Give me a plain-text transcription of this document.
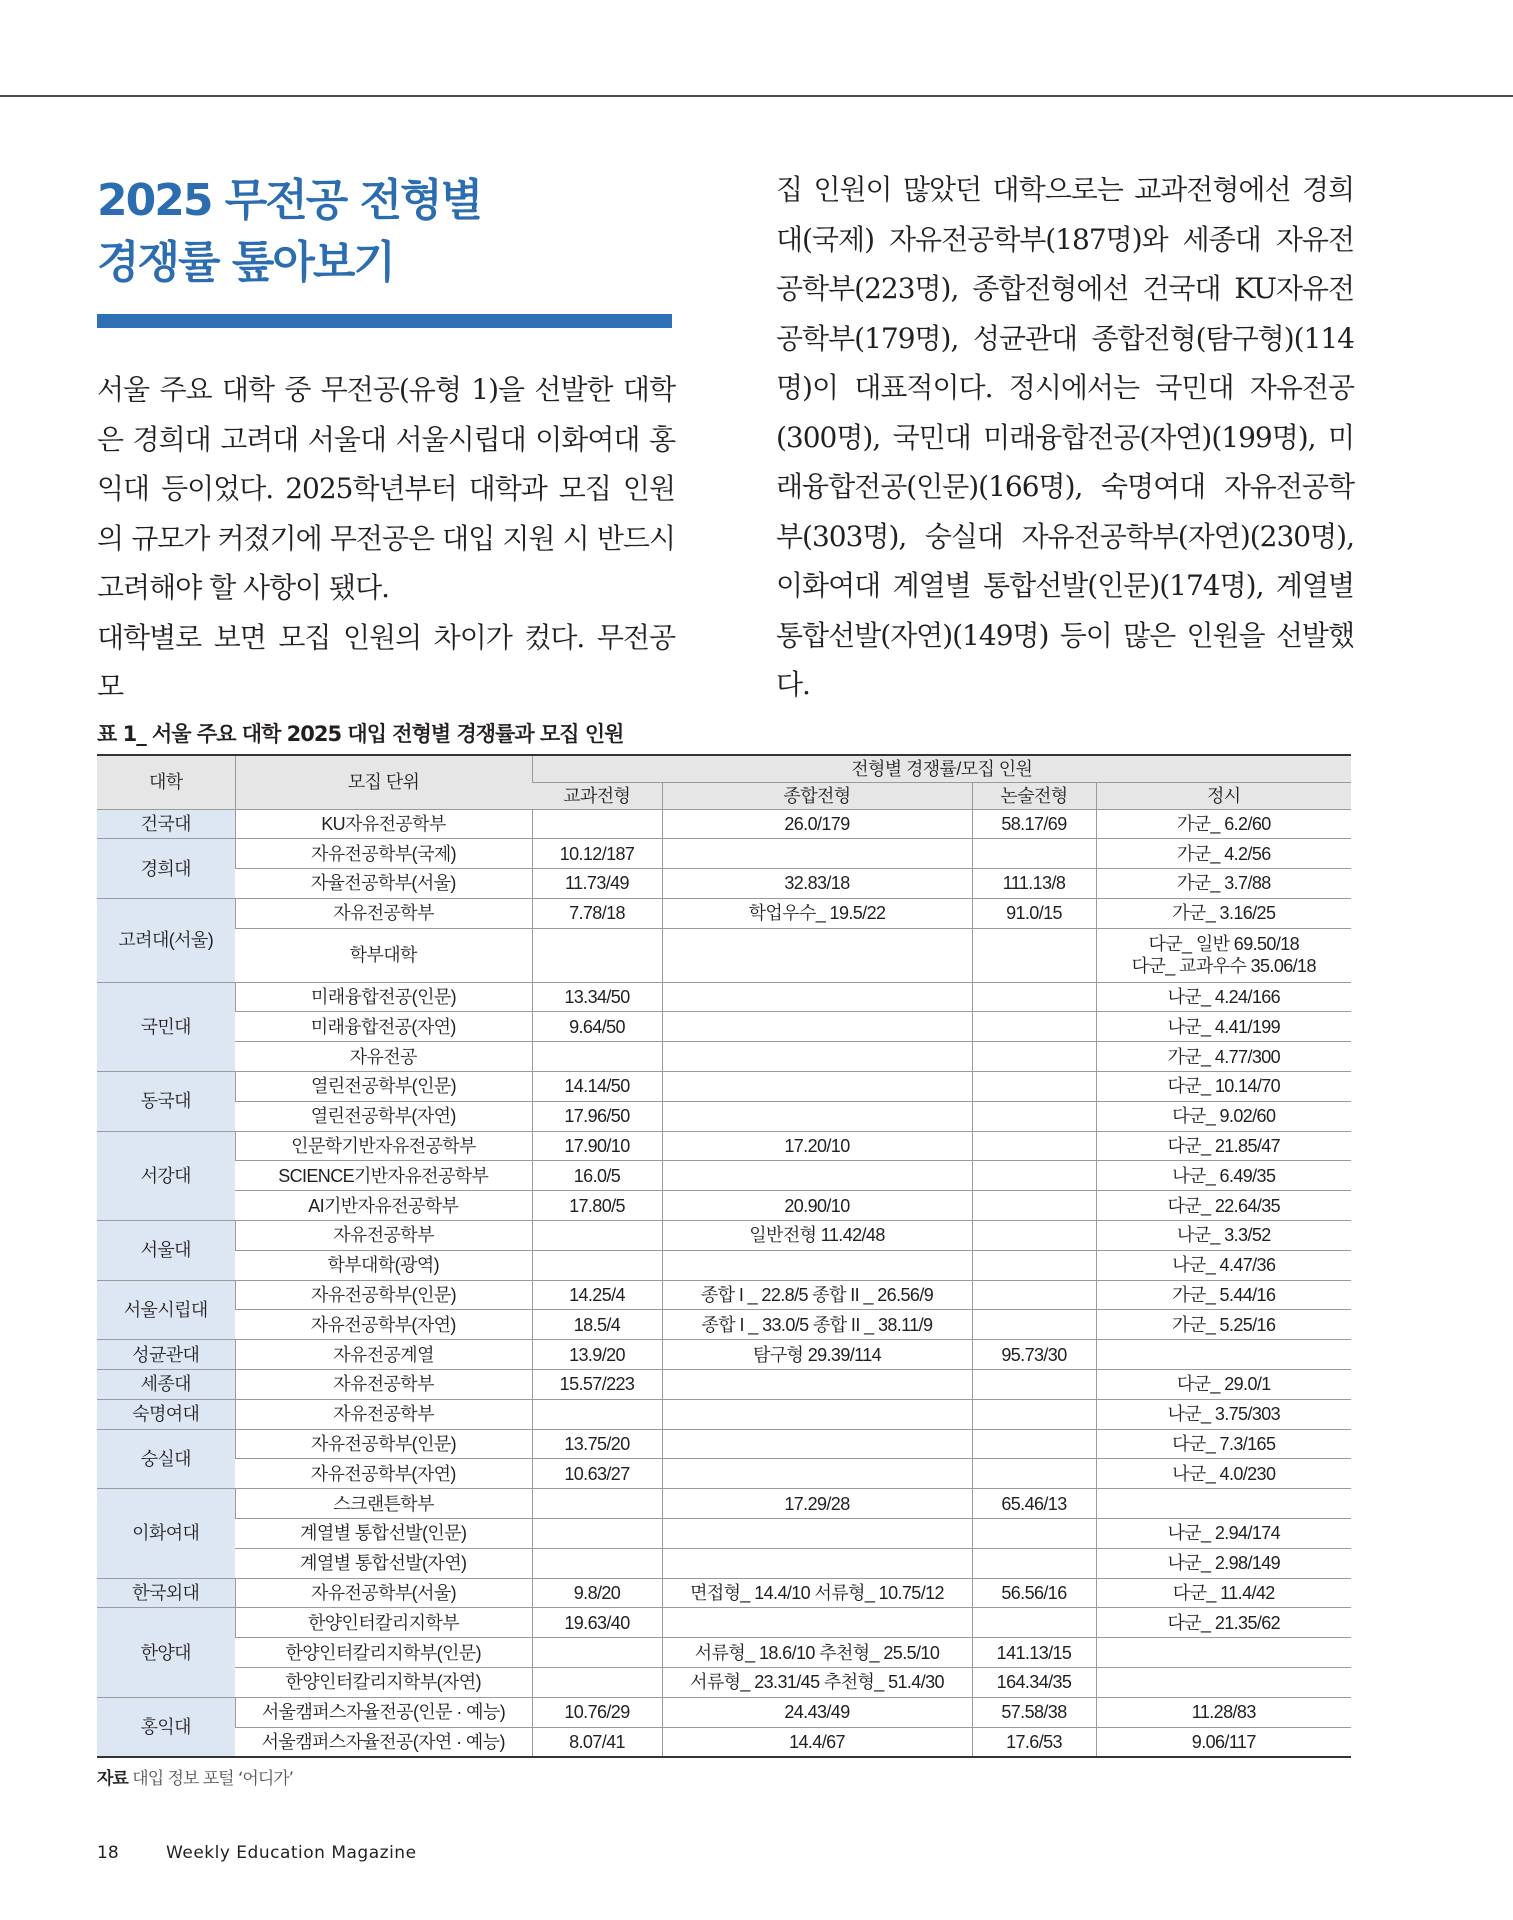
2025 무전공 전형별
경쟁률 톺아보기

서울 주요 대학 중 무전공(유형 1)을 선발한 대학은 경희대 고려대 서울대 서울시립대 이화여대 홍익대 등이었다. 2025학년부터 대학과 모집 인원의 규모가 커졌기에 무전공은 대입 지원 시 반드시 고려해야 할 사항이 됐다.

대학별로 보면 모집 인원의 차이가 컸다. 무전공 모

집 인원이 많았던 대학으로는 교과전형에선 경희대(국제) 자유전공학부(187명)와 세종대 자유전공학부(223명), 종합전형에선 건국대 KU자유전공학부(179명), 성균관대 종합전형(탐구형)(114명)이 대표적이다. 정시에서는 국민대 자유전공(300명), 국민대 미래융합전공(자연)(199명), 미래융합전공(인문)(166명), 숙명여대 자유전공학부(303명), 숭실대 자유전공학부(자연)(230명), 이화여대 계열별 통합선발(인문)(174명), 계열별 통합선발(자연)(149명) 등이 많은 인원을 선발했다.

표 1_ 서울 주요 대학 2025 대입 전형별 경쟁률과 모집 인원
대학	모집 단위	전형별 경쟁률/모집 인원			
		교과전형	종합전형	논술전형	정시
건국대	KU자유전공학부		26.0/179	58.17/69	가군_ 6.2/60
경희대	자유전공학부(국제)	10.12/187			가군_ 4.2/56
	자율전공학부(서울)	11.73/49	32.83/18	111.13/8	가군_ 3.7/88
고려대(서울)	자유전공학부	7.78/18	학업우수_ 19.5/22	91.0/15	가군_ 3.16/25
	학부대학				다군_ 일반 69.50/18
다군_ 교과우수 35.06/18

국민대	미래융합전공(인문)	13.34/50			나군_ 4.24/166
	미래융합전공(자연)	9.64/50			나군_ 4.41/199
	자유전공				가군_ 4.77/300
동국대	열린전공학부(인문)	14.14/50			다군_ 10.14/70
	열린전공학부(자연)	17.96/50			다군_ 9.02/60
서강대	인문학기반자유전공학부	17.90/10	17.20/10		다군_ 21.85/47
	SCIENCE기반자유전공학부	16.0/5			나군_ 6.49/35
	AI기반자유전공학부	17.80/5	20.90/10		다군_ 22.64/35
서울대	자유전공학부		일반전형 11.42/48		나군_ 3.3/52
	학부대학(광역)				나군_ 4.47/36
서울시립대	자유전공학부(인문)	14.25/4	종합 I _ 22.8/5 종합 II _ 26.56/9		가군_ 5.44/16
	자유전공학부(자연)	18.5/4	종합 I _ 33.0/5 종합 II _ 38.11/9		가군_ 5.25/16
성균관대	자유전공계열	13.9/20	탐구형 29.39/114	95.73/30	
세종대	자유전공학부	15.57/223			다군_ 29.0/1
숙명여대	자유전공학부				나군_ 3.75/303
숭실대	자유전공학부(인문)	13.75/20			다군_ 7.3/165
	자유전공학부(자연)	10.63/27			나군_ 4.0/230
이화여대	스크랜튼학부		17.29/28	65.46/13	
	계열별 통합선발(인문)				나군_ 2.94/174
	계열별 통합선발(자연)				나군_ 2.98/149
한국외대	자유전공학부(서울)	9.8/20	면접형_ 14.4/10 서류형_ 10.75/12	56.56/16	다군_ 11.4/42
한양대	한양인터칼리지학부	19.63/40			다군_ 21.35/62
	한양인터칼리지학부(인문)		서류형_ 18.6/10 추천형_ 25.5/10	141.13/15	
	한양인터칼리지학부(자연)		서류형_ 23.31/45 추천형_ 51.4/30	164.34/35	
홍익대	서울캠퍼스자율전공(인문 · 예능)	10.76/29	24.43/49	57.58/38	11.28/83
	서울캠퍼스자율전공(자연 · 예능)	8.07/41	14.4/67	17.6/53	9.06/117
자료 대입 정보 포털 ‘어디가’
18	Weekly Education Magazine
